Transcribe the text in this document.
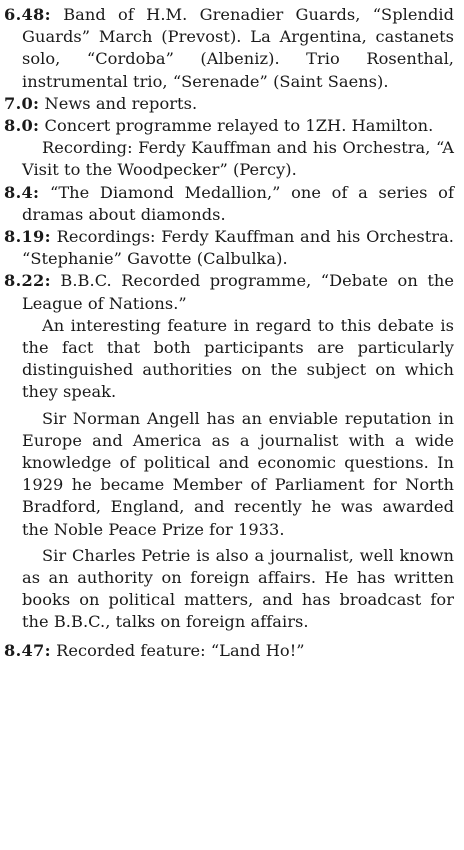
6.48: Band of H.M. Grenadier Guards, “Splendid Guards” March (Prevost). La Argentina, castanets solo, “Cordoba” (Albeniz). Trio Rosenthal, instrumental trio, “Serenade” (Saint Saens).

7.0: News and reports.

8.0: Concert programme relayed to 1ZH. Hamilton.

Recording: Ferdy Kauffman and his Orchestra, “A Visit to the Woodpecker” (Percy).

8.4: “The Diamond Medallion,” one of a series of dramas about diamonds.

8.19: Recordings: Ferdy Kauffman and his Orchestra. “Stephanie” Gavotte (Calbulka).

8.22: B.B.C. Recorded programme, “Debate on the League of Nations.”

An interesting feature in regard to this debate is the fact that both participants are particularly distinguished authorities on the subject on which they speak.

Sir Norman Angell has an enviable reputation in Europe and America as a journalist with a wide knowledge of political and economic questions. In 1929 he became Member of Parliament for North Bradford, England, and recently he was awarded the Noble Peace Prize for 1933.

Sir Charles Petrie is also a journalist, well known as an authority on foreign affairs. He has written books on political matters, and has broadcast for the B.B.C., talks on foreign affairs.

8.47: Recorded feature: “Land Ho!”
